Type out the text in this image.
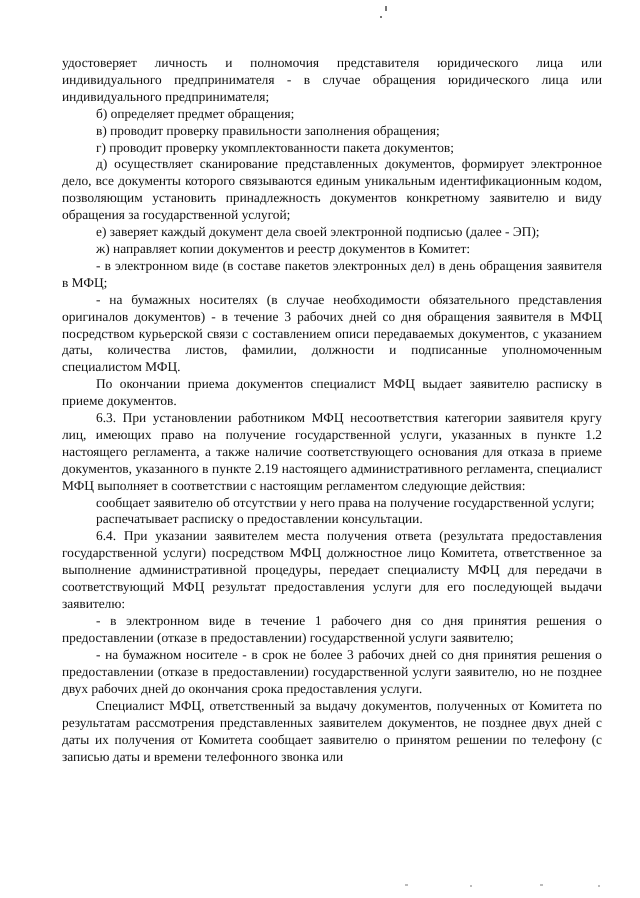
удостоверяет личность и полномочия представителя юридического лица или индивидуального предпринимателя - в случае обращения юридического лица или индивидуального предпринимателя;

б) определяет предмет обращения;

в) проводит проверку правильности заполнения обращения;

г) проводит проверку укомплектованности пакета документов;

д) осуществляет сканирование представленных документов, формирует электронное дело, все документы которого связываются единым уникальным идентификационным кодом, позволяющим установить принадлежность документов конкретному заявителю и виду обращения за государственной услугой;

е) заверяет каждый документ дела своей электронной подписью (далее - ЭП);

ж) направляет копии документов и реестр документов в Комитет:

- в электронном виде (в составе пакетов электронных дел) в день обращения заявителя в МФЦ;

- на бумажных носителях (в случае необходимости обязательного представления оригиналов документов) - в течение 3 рабочих дней со дня обращения заявителя в МФЦ посредством курьерской связи с составлением описи передаваемых документов, с указанием даты, количества листов, фамилии, должности и подписанные уполномоченным специалистом МФЦ.

По окончании приема документов специалист МФЦ выдает заявителю расписку в приеме документов.

6.3. При установлении работником МФЦ несоответствия категории заявителя кругу лиц, имеющих право на получение государственной услуги, указанных в пункте 1.2 настоящего регламента, а также наличие соответствующего основания для отказа в приеме документов, указанного в пункте 2.19 настоящего административного регламента, специалист МФЦ выполняет в соответствии с настоящим регламентом следующие действия:

сообщает заявителю об отсутствии у него права на получение государственной услуги;

распечатывает расписку о предоставлении консультации.

6.4. При указании заявителем места получения ответа (результата предоставления государственной услуги) посредством МФЦ должностное лицо Комитета, ответственное за выполнение административной процедуры, передает специалисту МФЦ для передачи в соответствующий МФЦ результат предоставления услуги для его последующей выдачи заявителю:

- в электронном виде в течение 1 рабочего дня со дня принятия решения о предоставлении (отказе в предоставлении) государственной услуги заявителю;

- на бумажном носителе - в срок не более 3 рабочих дней со дня принятия решения о предоставлении (отказе в предоставлении) государственной услуги заявителю, но не позднее двух рабочих дней до окончания срока предоставления услуги.

Специалист МФЦ, ответственный за выдачу документов, полученных от Комитета по результатам рассмотрения представленных заявителем документов, не позднее двух дней с даты их получения от Комитета сообщает заявителю о принятом решении по телефону (с записью даты и времени телефонного звонка или
